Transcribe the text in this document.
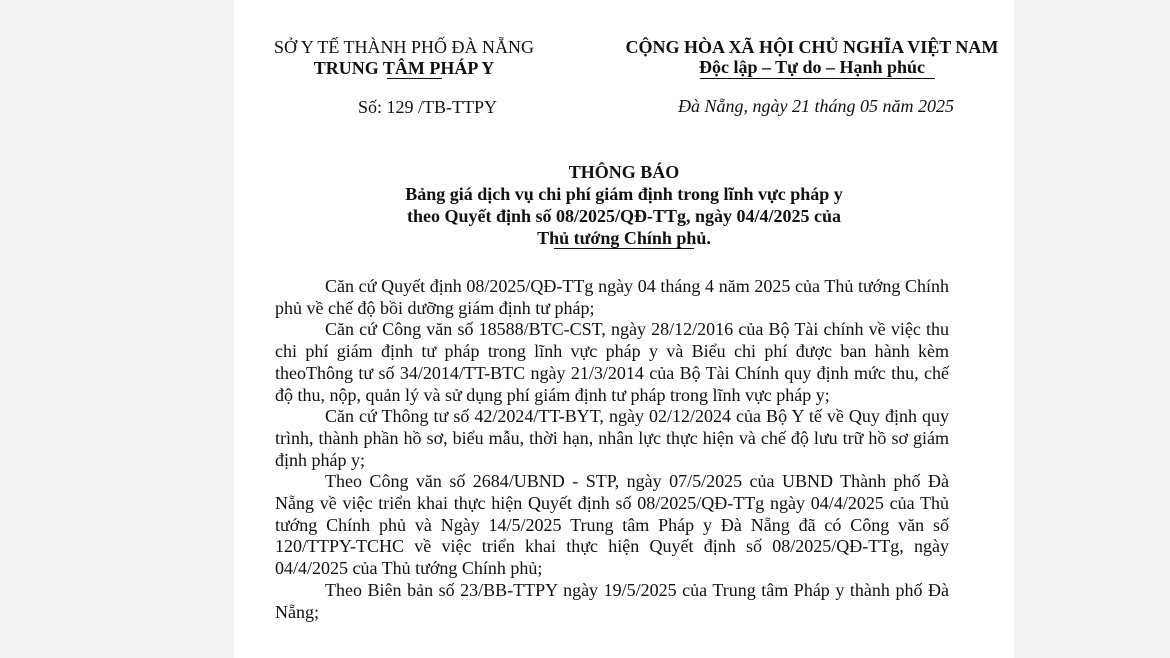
SỞ Y TẾ THÀNH PHỐ ĐÀ NẴNG
TRUNG TÂM PHÁP Y
Số: 129 /TB-TTPY
CỘNG HÒA XÃ HỘI CHỦ NGHĨA VIỆT NAM
Độc lập – Tự do – Hạnh phúc
Đà Nẵng, ngày 21 tháng 05 năm 2025
THÔNG BÁO
Bảng giá dịch vụ chi phí giám định trong lĩnh vực pháp y
theo Quyết định số 08/2025/QĐ-TTg, ngày 04/4/2025 của
Thủ tướng Chính phủ.

Căn cứ Quyết định 08/2025/QĐ-TTg ngày 04 tháng 4 năm 2025 của Thủ tướng Chính phủ về chế độ bồi dưỡng giám định tư pháp;

Căn cứ Công văn số 18588/BTC-CST, ngày 28/12/2016 của Bộ Tài chính về việc thu chi phí giám định tư pháp trong lĩnh vực pháp y và Biểu chi phí được ban hành kèm theoThông tư số 34/2014/TT-BTC ngày 21/3/2014 của Bộ Tài Chính quy định mức thu, chế độ thu, nộp, quản lý và sử dụng phí giám định tư pháp trong lĩnh vực pháp y;

Căn cứ Thông tư số 42/2024/TT-BYT, ngày 02/12/2024 của Bộ Y tế về Quy định quy trình, thành phần hồ sơ, biểu mẫu, thời hạn, nhân lực thực hiện và chế độ lưu trữ hồ sơ giám định pháp y;

Theo Công văn số 2684/UBND - STP, ngày 07/5/2025 của UBND Thành phố Đà Nẵng về việc triển khai thực hiện Quyết định số 08/2025/QĐ-TTg ngày 04/4/2025 của Thủ tướng Chính phủ và Ngày 14/5/2025 Trung tâm Pháp y Đà Nẵng đã có Công văn số 120/TTPY-TCHC về việc triển khai thực hiện Quyết định số 08/2025/QĐ-TTg, ngày 04/4/2025 của Thủ tướng Chính phủ;

Theo Biên bản số 23/BB-TTPY ngày 19/5/2025 của Trung tâm Pháp y thành phố Đà Nẵng;
